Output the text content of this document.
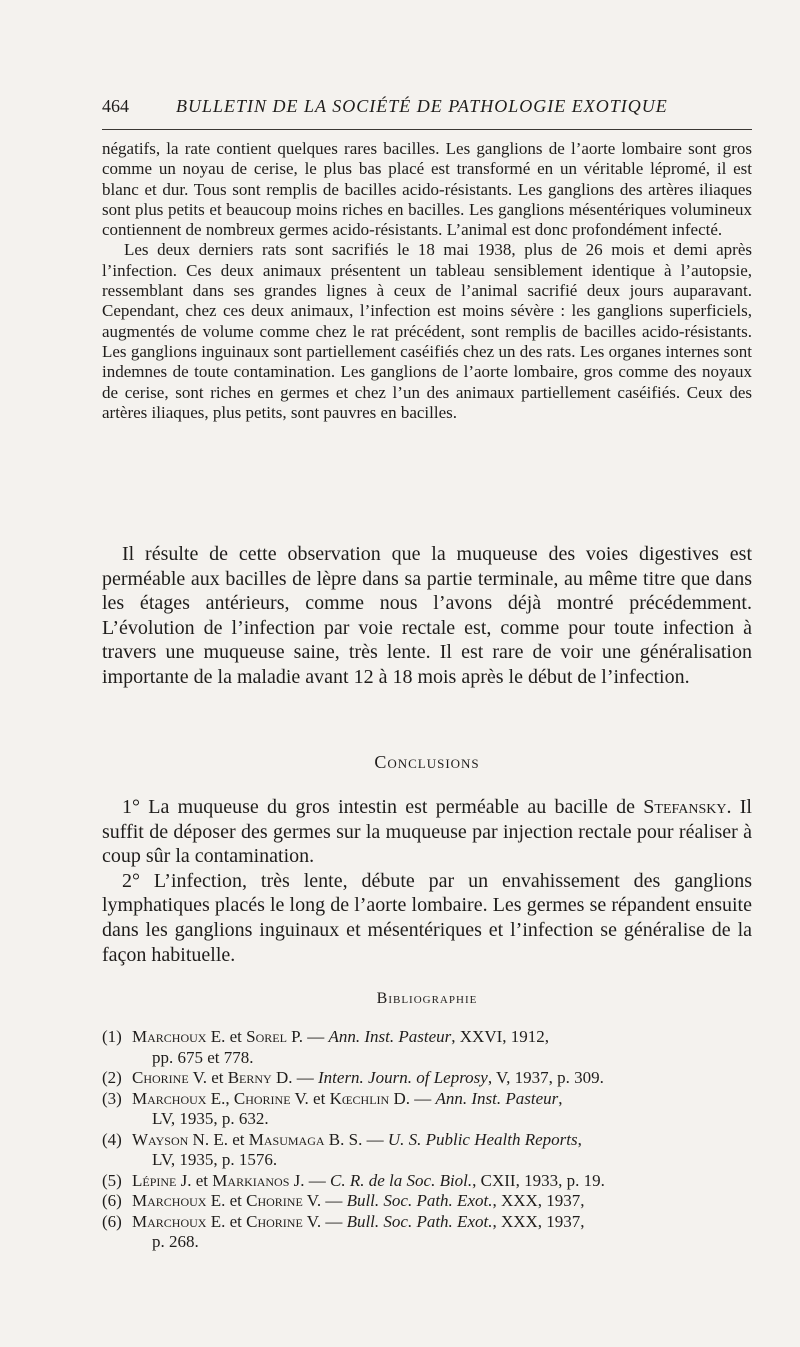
464	BULLETIN DE LA SOCIÉTÉ DE PATHOLOGIE EXOTIQUE

négatifs, la rate contient quelques rares bacilles. Les ganglions de l’aorte lombaire sont gros comme un noyau de cerise, le plus bas placé est transformé en un véritable lépromé, il est blanc et dur. Tous sont remplis de bacilles acido-résistants. Les ganglions des artères iliaques sont plus petits et beaucoup moins riches en bacilles. Les ganglions mésentériques volumineux contiennent de nombreux germes acido-résistants. L’animal est donc profondément infecté.

Les deux derniers rats sont sacrifiés le 18 mai 1938, plus de 26 mois et demi après l’infection. Ces deux animaux présentent un tableau sensiblement identique à l’autopsie, ressemblant dans ses grandes lignes à ceux de l’animal sacrifié deux jours auparavant. Cependant, chez ces deux animaux, l’infection est moins sévère : les ganglions superficiels, augmentés de volume comme chez le rat précédent, sont remplis de bacilles acido-résistants. Les ganglions inguinaux sont partiellement caséifiés chez un des rats. Les organes internes sont indemnes de toute contamination. Les ganglions de l’aorte lombaire, gros comme des noyaux de cerise, sont riches en germes et chez l’un des animaux partiellement caséifiés. Ceux des artères iliaques, plus petits, sont pauvres en bacilles.

Il résulte de cette observation que la muqueuse des voies digestives est perméable aux bacilles de lèpre dans sa partie terminale, au même titre que dans les étages antérieurs, comme nous l’avons déjà montré précédemment. L’évolution de l’infection par voie rectale est, comme pour toute infection à travers une muqueuse saine, très lente. Il est rare de voir une généralisation importante de la maladie avant 12 à 18 mois après le début de l’infection.

Conclusions

1° La muqueuse du gros intestin est perméable au bacille de Stefansky. Il suffit de déposer des germes sur la muqueuse par injection rectale pour réaliser à coup sûr la contamination.

2° L’infection, très lente, débute par un envahissement des ganglions lymphatiques placés le long de l’aorte lombaire. Les germes se répandent ensuite dans les ganglions inguinaux et mésentériques et l’infection se généralise de la façon habituelle.

Bibliographie
(1) Marchoux E. et Sorel P. — Ann. Inst. Pasteur, XXVI, 1912,
pp. 675 et 778.
(2) Chorine V. et Berny D. — Intern. Journ. of Leprosy, V, 1937, p. 309.
(3) Marchoux E., Chorine V. et Kœchlin D. — Ann. Inst. Pasteur,
LV, 1935, p. 632.
(4) Wayson N. E. et Masumaga B. S. — U. S. Public Health Reports,
LV, 1935, p. 1576.
(5) Lépine J. et Markianos J. — C. R. de la Soc. Biol., CXII, 1933, p. 19.
(6) Marchoux E. et Chorine V. — Bull. Soc. Path. Exot., XXX, 1937,
(6) Marchoux E. et Chorine V. — Bull. Soc. Path. Exot., XXX, 1937,
p. 268.
